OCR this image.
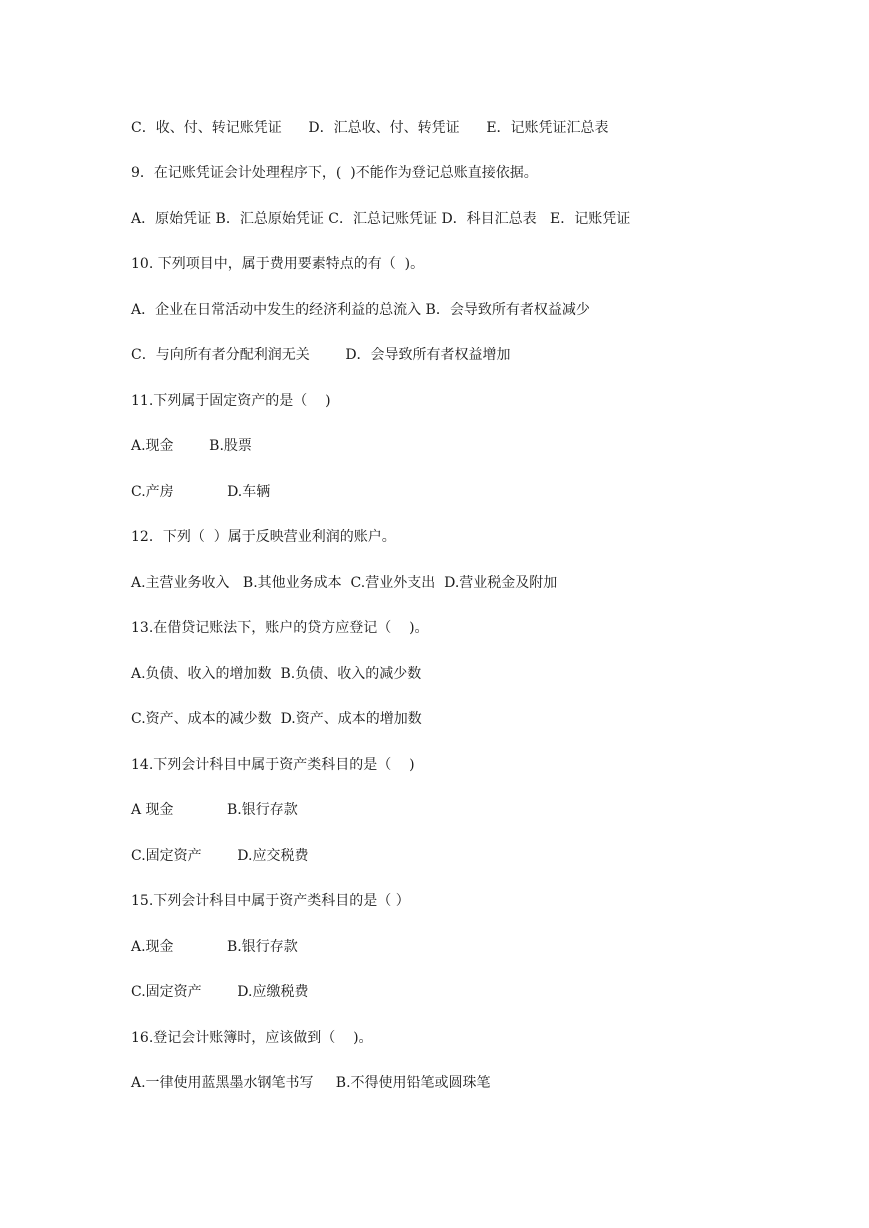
C．收、付、转记账凭证      D．汇总收、付、转凭证      E．记账凭证汇总表
9．在记账凭证会计处理程序下，(  )不能作为登记总账直接依据。
A．原始凭证 B．汇总原始凭证 C．汇总记账凭证 D．科目汇总表   E．记账凭证
10. 下列项目中，属于费用要素特点的有（  )。
A．企业在日常活动中发生的经济利益的总流入 B．会导致所有者权益减少
C．与向所有者分配利润无关        D．会导致所有者权益增加
11.下列属于固定资产的是（    )
A.现金        B.股票
C.产房            D.车辆
12．下列（  ）属于反映营业利润的账户。
A.主营业务收入   B.其他业务成本  C.营业外支出  D.营业税金及附加
13.在借贷记账法下，账户的贷方应登记（    )。
A.负债、收入的增加数  B.负债、收入的减少数
C.资产、成本的减少数  D.资产、成本的增加数
14.下列会计科目中属于资产类科目的是（    )
A 现金            B.银行存款
C.固定资产        D.应交税费
15.下列会计科目中属于资产类科目的是（ ）
A.现金            B.银行存款
C.固定资产        D.应缴税费
16.登记会计账簿时，应该做到（    )。
A.一律使用蓝黑墨水钢笔书写     B.不得使用铅笔或圆珠笔
